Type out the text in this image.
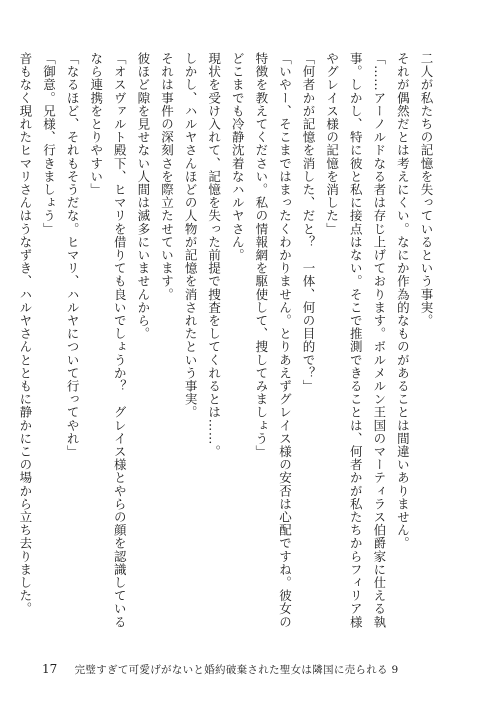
二人が私たちの記憶を失っているという事実。
それが偶然だとは考えにくい。なにか作為的なものがあることは間違いありません。
「……アーノルドなる者は存じ上げております。ボルメルン王国のマーティラス伯爵家に仕える執
事。しかし、特に彼と私に接点はない。そこで推測できることは、何者かが私たちからフィリア様
やグレイス様の記憶を消した」
「何者かが記憶を消した、だと？　一体、何の目的で？」
「いやー、そこまではまったくわかりません。とりあえずグレイス様の安否は心配ですね。彼女の
特徴を教えてください。私の情報網を駆使して、捜してみましょう」
どこまでも冷静沈着なハルヤさん。
現状を受け入れて、記憶を失った前提で捜査をしてくれるとは……。
しかし、ハルヤさんほどの人物が記憶を消されたという事実。
それは事件の深刻さを際立たせています。
彼ほど隙を見せない人間は滅多にいませんから。
「オスヴァルト殿下、ヒマリを借りても良いでしょうか？　グレイス様とやらの顔を認識している
なら連携をとりやすい」
「なるほど、それもそうだな。ヒマリ、ハルヤについて行ってやれ」
「御意。兄様、行きましょう」
音もなく現れたヒマリさんはうなずき、ハルヤさんとともに静かにこの場から立ち去りました。
17 完璧すぎて可愛げがないと婚約破棄された聖女は隣国に売られる 9
